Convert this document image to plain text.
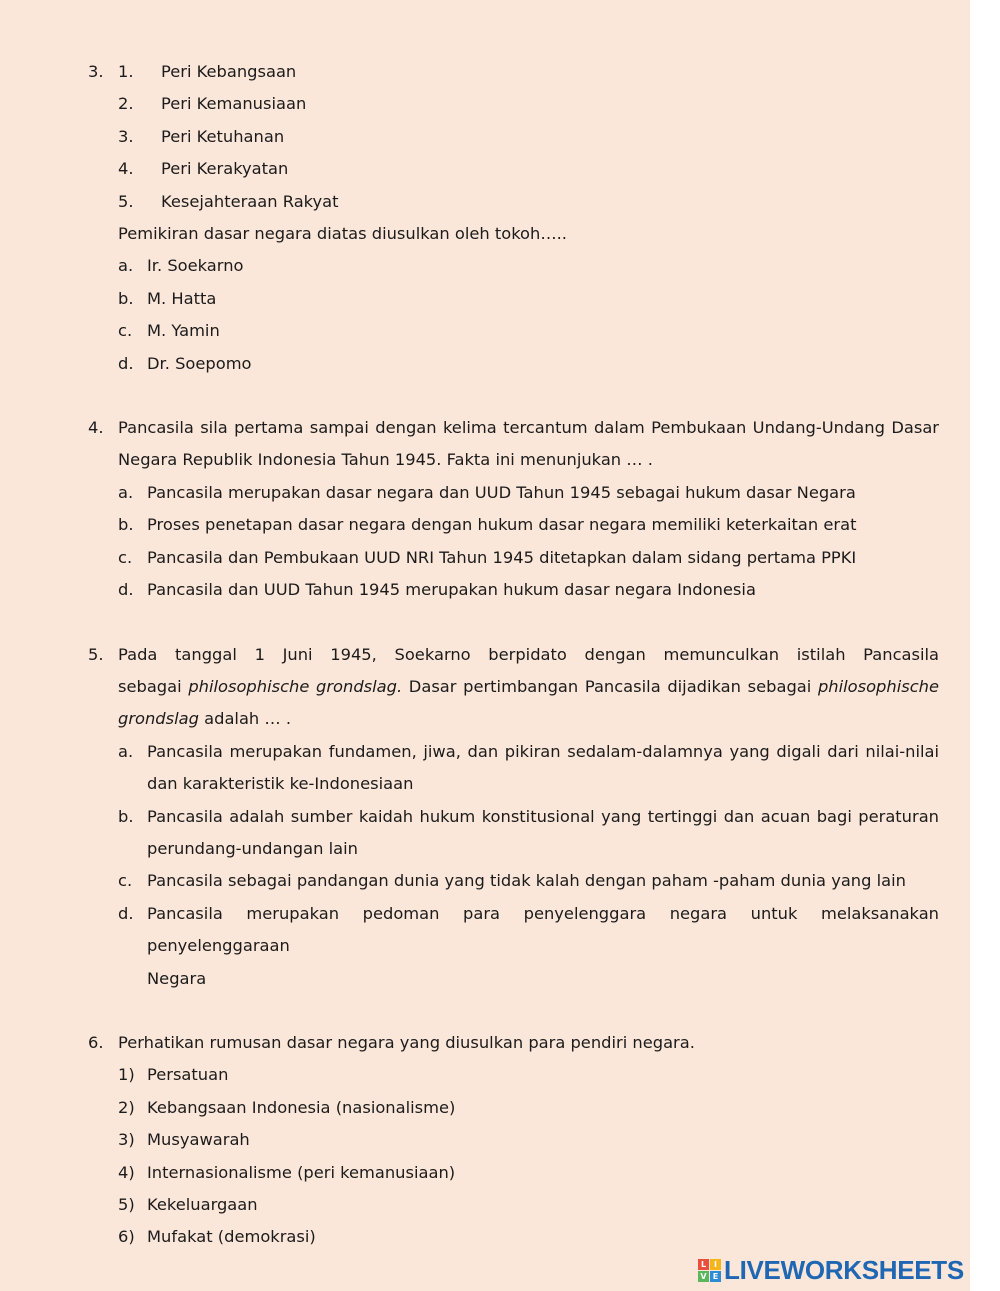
3. 1.	Peri Kebangsaan
2.	Peri Kemanusiaan
3.	Peri Ketuhanan
4.	Peri Kerakyatan
5.	Kesejahteraan Rakyat
Pemikiran dasar negara diatas diusulkan oleh tokoh…..
a. Ir. Soekarno
b. M. Hatta
c. M. Yamin
d. Dr. Soepomo
4. Pancasila sila pertama sampai dengan kelima tercantum dalam Pembukaan Undang-Undang Dasar
Negara Republik Indonesia Tahun 1945. Fakta ini menunjukan … .
a. Pancasila merupakan dasar negara dan UUD Tahun 1945 sebagai hukum dasar Negara
b. Proses penetapan dasar negara dengan hukum dasar negara memiliki keterkaitan erat
c. Pancasila dan Pembukaan UUD NRI Tahun 1945 ditetapkan dalam sidang pertama PPKI
d. Pancasila dan UUD Tahun 1945 merupakan hukum dasar negara Indonesia
5. Pada tanggal 1 Juni 1945, Soekarno berpidato dengan memunculkan istilah Pancasila
sebagai philosophische grondslag. Dasar pertimbangan Pancasila dijadikan sebagai philosophische
grondslag adalah … .
a. Pancasila merupakan fundamen, jiwa, dan pikiran sedalam-dalamnya yang digali dari nilai-nilai
dan karakteristik ke-Indonesiaan
b. Pancasila adalah sumber kaidah hukum konstitusional yang tertinggi dan acuan bagi peraturan
perundang-undangan lain
c. Pancasila sebagai pandangan dunia yang tidak kalah dengan paham -paham dunia yang lain
d. Pancasila merupakan pedoman para penyelenggara negara untuk melaksanakan penyelenggaraan
Negara
6. Perhatikan rumusan dasar negara yang diusulkan para pendiri negara.
1) Persatuan
2) Kebangsaan Indonesia (nasionalisme)
3) Musyawarah
4) Internasionalisme (peri kemanusiaan)
5) Kekeluargaan
6) Mufakat (demokrasi)
L I
V E LIVEWORKSHEETS
